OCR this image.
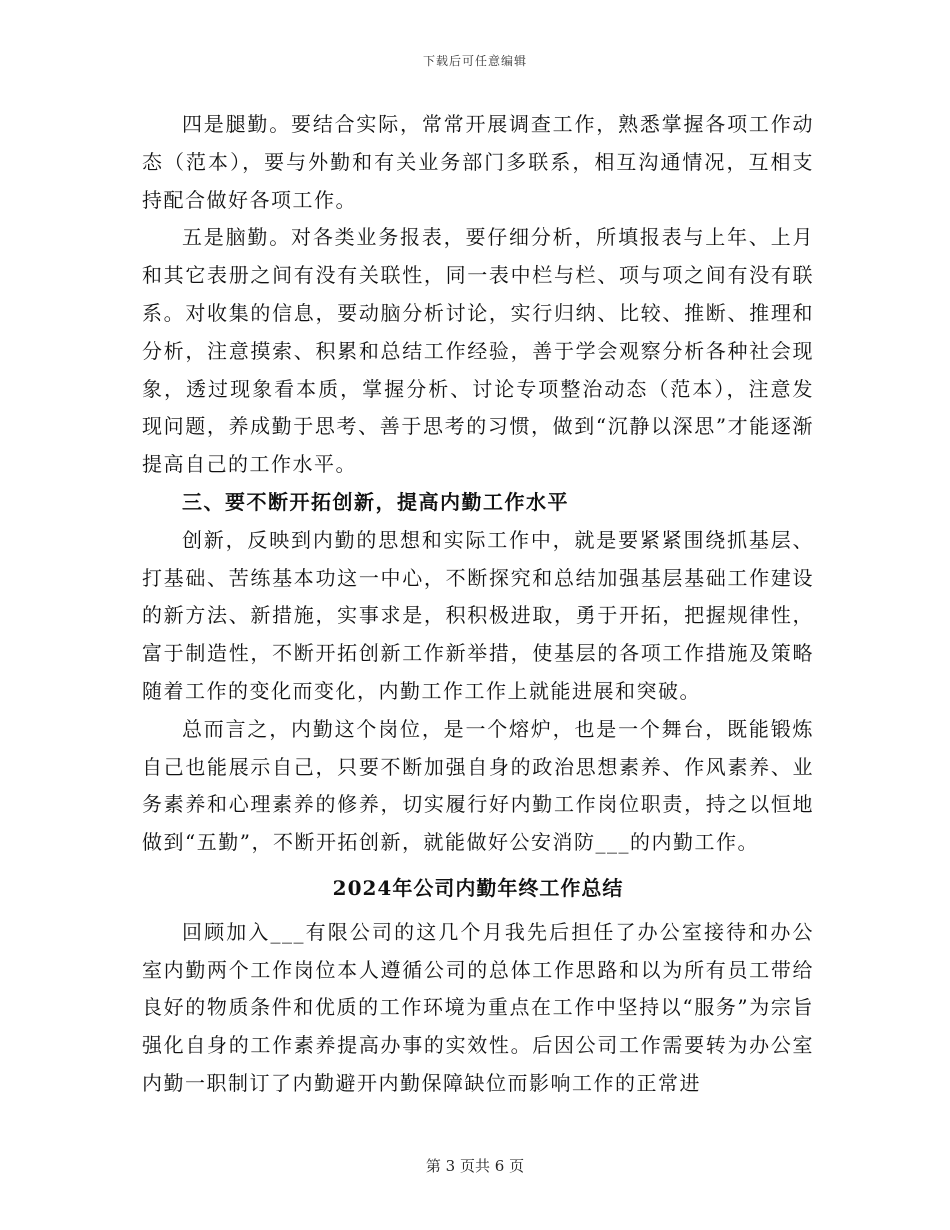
下载后可任意编辑

四是腿勤。要结合实际，常常开展调查工作，熟悉掌握各项工作动态（范本），要与外勤和有关业务部门多联系，相互沟通情况，互相支持配合做好各项工作。

五是脑勤。对各类业务报表，要仔细分析，所填报表与上年、上月和其它表册之间有没有关联性，同一表中栏与栏、项与项之间有没有联系。对收集的信息，要动脑分析讨论，实行归纳、比较、推断、推理和分析，注意摸索、积累和总结工作经验，善于学会观察分析各种社会现象，透过现象看本质，掌握分析、讨论专项整治动态（范本），注意发现问题，养成勤于思考、善于思考的习惯，做到“沉静以深思”才能逐渐提高自己的工作水平。

三、要不断开拓创新，提高内勤工作水平

创新，反映到内勤的思想和实际工作中，就是要紧紧围绕抓基层、打基础、苦练基本功这一中心，不断探究和总结加强基层基础工作建设的新方法、新措施，实事求是，积积极进取，勇于开拓，把握规律性，富于制造性，不断开拓创新工作新举措，使基层的各项工作措施及策略随着工作的变化而变化，内勤工作工作上就能进展和突破。

总而言之，内勤这个岗位，是一个熔炉，也是一个舞台，既能锻炼自己也能展示自己，只要不断加强自身的政治思想素养、作风素养、业务素养和心理素养的修养，切实履行好内勤工作岗位职责，持之以恒地做到“五勤”，不断开拓创新，就能做好公安消防___的内勤工作。

2024年公司内勤年终工作总结

回顾加入___有限公司的这几个月我先后担任了办公室接待和办公室内勤两个工作岗位本人遵循公司的总体工作思路和以为所有员工带给良好的物质条件和优质的工作环境为重点在工作中坚持以“服务”为宗旨强化自身的工作素养提高办事的实效性。后因公司工作需要转为办公室内勤一职制订了内勤避开内勤保障缺位而影响工作的正常进

第 3 页共 6 页
